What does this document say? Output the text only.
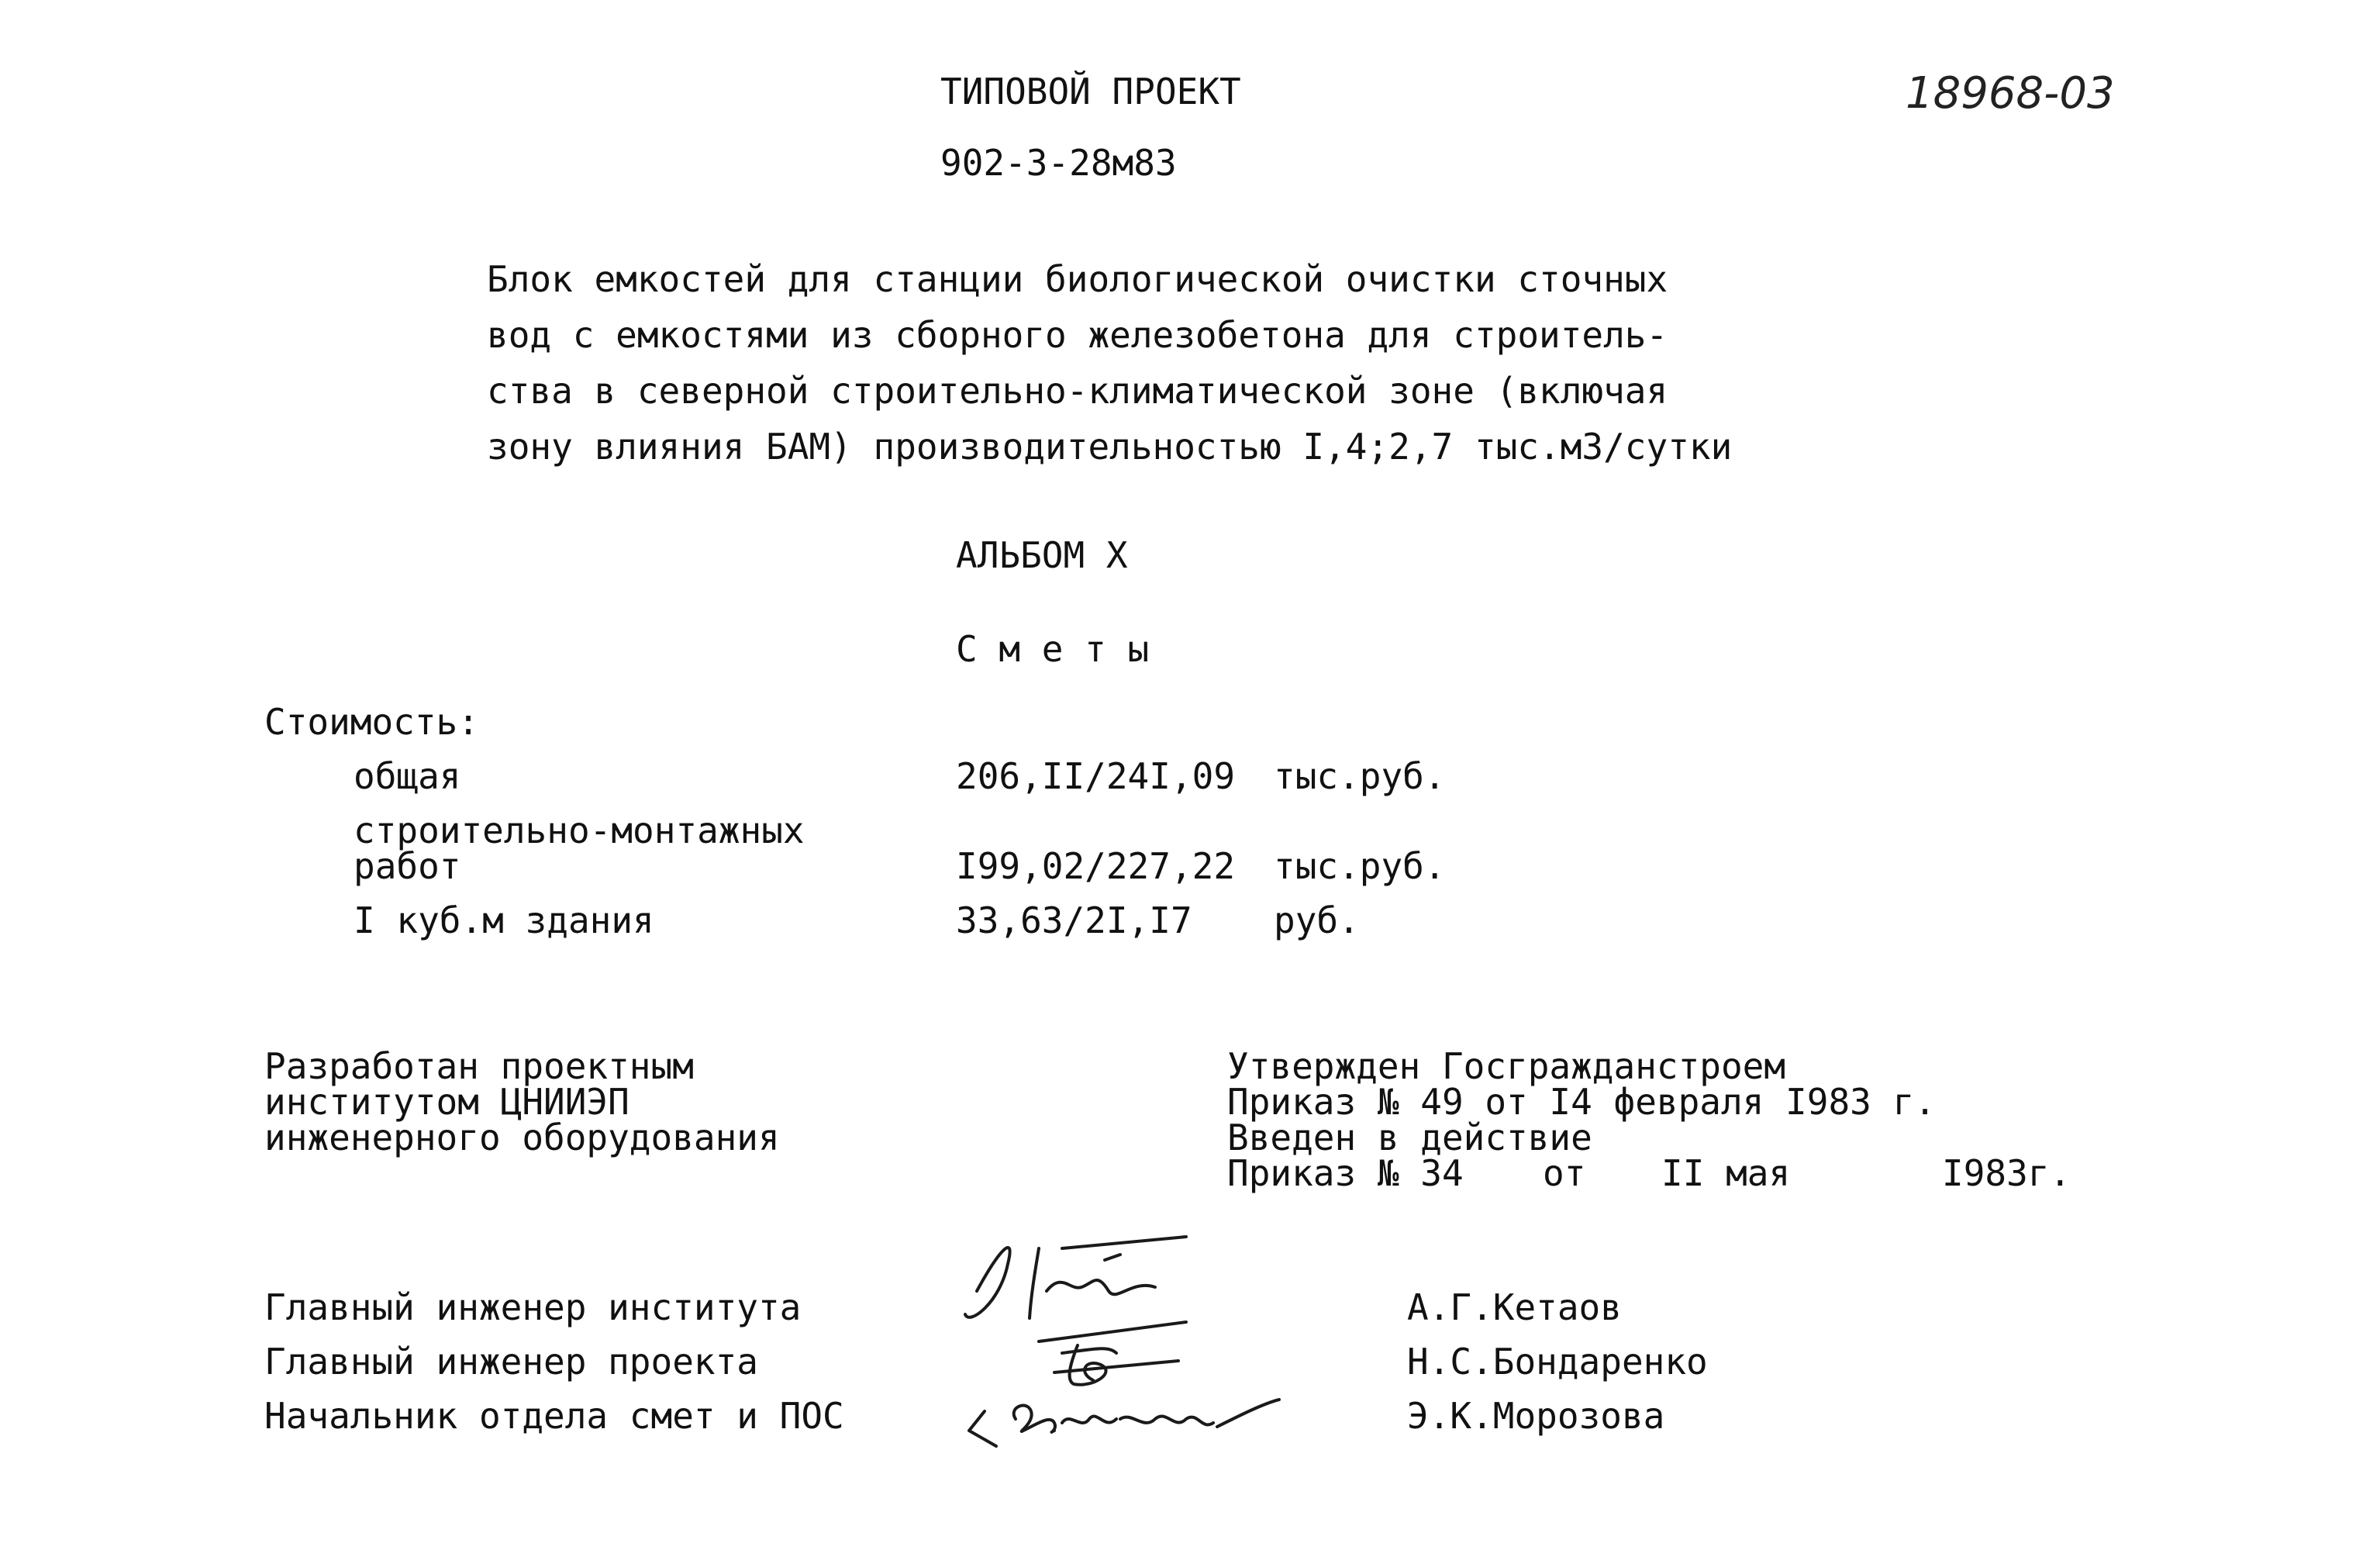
ТИПОВОЙ ПРОЕКТ
902-3-28м83
18968-03
Блок емкостей для станции биологической очистки сточных
вод с емкостями из сборного железобетона для строитель-
ства в северной строительно-климатической зоне (включая
зону влияния БАМ) производительностью I,4;2,7 тыс.м3/сутки
АЛЬБОМ X
С м е т ы
Стоимость:
общая	206,II/24I,09 тыс.руб.
строительно-монтажных
работ	I99,02/227,22 тыс.руб.
I куб.м здания	33,63/2I,I7 руб.
Разработан проектным
институтом ЦНИИЭП
инженерного оборудования
Утвержден Госгражданстроем
Приказ № 49 от I4 февраля I983 г.
Введен в действие
Приказ № 34 от II мая	I983г.
Главный инженер института	А.Г.Кетаов
Главный инженер проекта	Н.С.Бондаренко
Начальник отдела смет и ПОС	Э.К.Морозова
